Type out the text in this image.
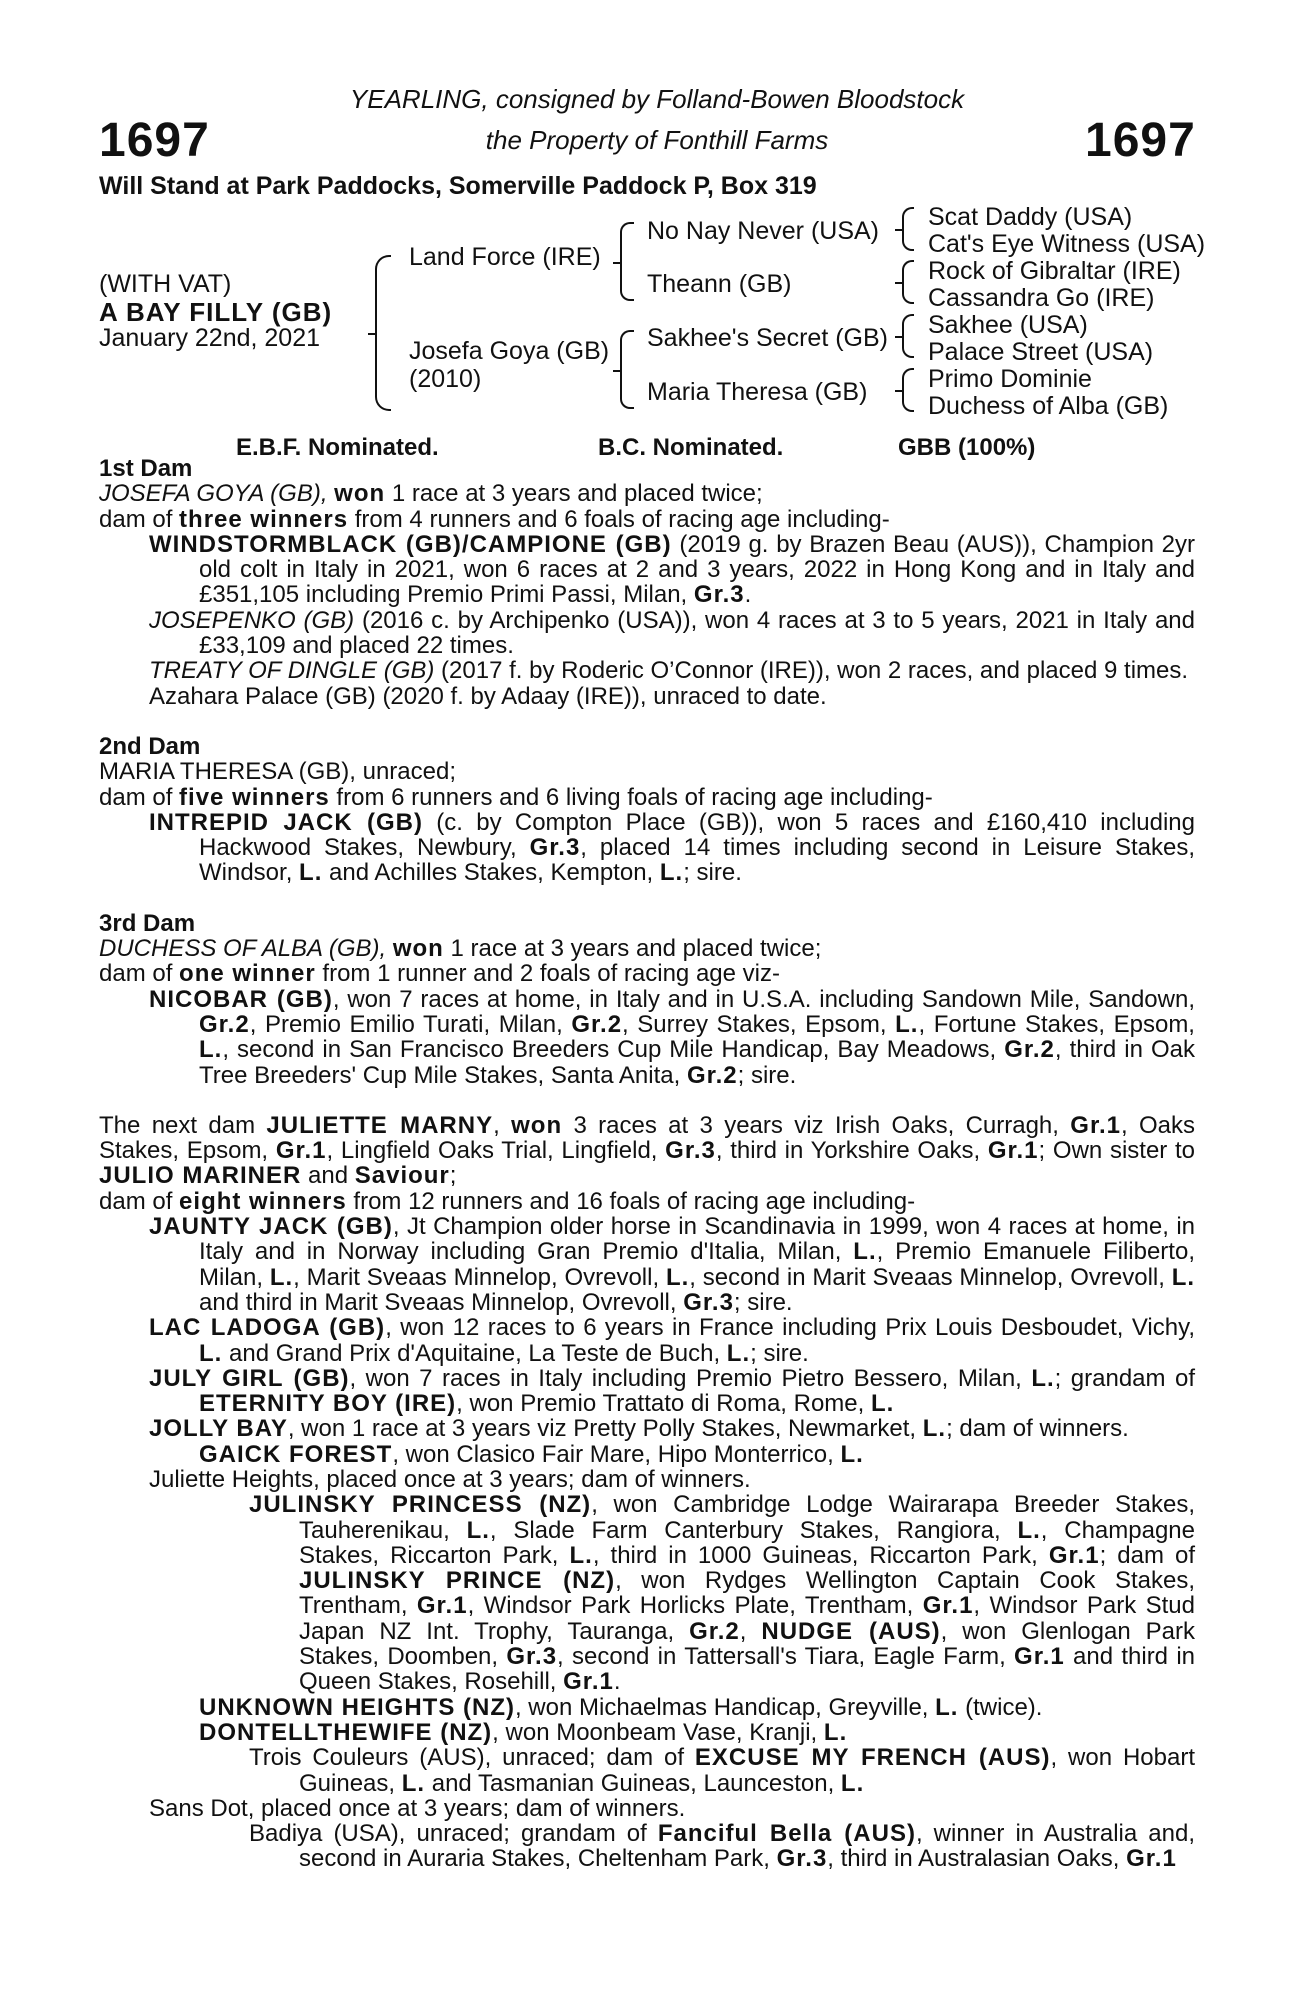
1697	1697
YEARLING, consigned by Folland-Bowen Bloodstock
the Property of Fonthill Farms
Will Stand at Park Paddocks, Somerville Paddock P, Box 319
(WITH VAT)
A BAY FILLY (GB)
January 22nd, 2021
Land Force (IRE)
Josefa Goya (GB)
(2010)
No Nay Never (USA)
Theann (GB)
Sakhee's Secret (GB)
Maria Theresa (GB)
Scat Daddy (USA)
Cat's Eye Witness (USA)
Rock of Gibraltar (IRE)
Cassandra Go (IRE)
Sakhee (USA)
Palace Street (USA)
Primo Dominie
Duchess of Alba (GB)
E.B.F. Nominated.	B.C. Nominated.	GBB (100%)

1st Dam

JOSEFA GOYA (GB), won 1 race at 3 years and placed twice;

dam of three winners from 4 runners and 6 foals of racing age including-

WINDSTORMBLACK (GB)/CAMPIONE (GB) (2019 g. by Brazen Beau (AUS)), Champion 2yr old colt in Italy in 2021, won 6 races at 2 and 3 years, 2022 in Hong Kong and in Italy and £351,105 including Premio Primi Passi, Milan, Gr.3.

JOSEPENKO (GB) (2016 c. by Archipenko (USA)), won 4 races at 3 to 5 years, 2021 in Italy and £33,109 and placed 22 times.

TREATY OF DINGLE (GB) (2017 f. by Roderic O’Connor (IRE)), won 2 races, and placed 9 times.

Azahara Palace (GB) (2020 f. by Adaay (IRE)), unraced to date.

2nd Dam

MARIA THERESA (GB), unraced;

dam of five winners from 6 runners and 6 living foals of racing age including-

INTREPID JACK (GB) (c. by Compton Place (GB)), won 5 races and £160,410 including Hackwood Stakes, Newbury, Gr.3, placed 14 times including second in Leisure Stakes, Windsor, L. and Achilles Stakes, Kempton, L.; sire.

3rd Dam

DUCHESS OF ALBA (GB), won 1 race at 3 years and placed twice;

dam of one winner from 1 runner and 2 foals of racing age viz-

NICOBAR (GB), won 7 races at home, in Italy and in U.S.A. including Sandown Mile, Sandown, Gr.2, Premio Emilio Turati, Milan, Gr.2, Surrey Stakes, Epsom, L., Fortune Stakes, Epsom, L., second in San Francisco Breeders Cup Mile Handicap, Bay Meadows, Gr.2, third in Oak Tree Breeders' Cup Mile Stakes, Santa Anita, Gr.2; sire.

The next dam JULIETTE MARNY, won 3 races at 3 years viz Irish Oaks, Curragh, Gr.1, Oaks Stakes, Epsom, Gr.1, Lingfield Oaks Trial, Lingfield, Gr.3, third in Yorkshire Oaks, Gr.1; Own sister to JULIO MARINER and Saviour;

dam of eight winners from 12 runners and 16 foals of racing age including-

JAUNTY JACK (GB), Jt Champion older horse in Scandinavia in 1999, won 4 races at home, in Italy and in Norway including Gran Premio d'Italia, Milan, L., Premio Emanuele Filiberto, Milan, L., Marit Sveaas Minnelop, Ovrevoll, L., second in Marit Sveaas Minnelop, Ovrevoll, L. and third in Marit Sveaas Minnelop, Ovrevoll, Gr.3; sire.

LAC LADOGA (GB), won 12 races to 6 years in France including Prix Louis Desboudet, Vichy, L. and Grand Prix d'Aquitaine, La Teste de Buch, L.; sire.

JULY GIRL (GB), won 7 races in Italy including Premio Pietro Bessero, Milan, L.; grandam of ETERNITY BOY (IRE), won Premio Trattato di Roma, Rome, L.

JOLLY BAY, won 1 race at 3 years viz Pretty Polly Stakes, Newmarket, L.; dam of winners.

GAICK FOREST, won Clasico Fair Mare, Hipo Monterrico, L.

Juliette Heights, placed once at 3 years; dam of winners.

JULINSKY PRINCESS (NZ), won Cambridge Lodge Wairarapa Breeder Stakes, Tauherenikau, L., Slade Farm Canterbury Stakes, Rangiora, L., Champagne Stakes, Riccarton Park, L., third in 1000 Guineas, Riccarton Park, Gr.1; dam of JULINSKY PRINCE (NZ), won Rydges Wellington Captain Cook Stakes, Trentham, Gr.1, Windsor Park Horlicks Plate, Trentham, Gr.1, Windsor Park Stud Japan NZ Int. Trophy, Tauranga, Gr.2, NUDGE (AUS), won Glenlogan Park Stakes, Doomben, Gr.3, second in Tattersall's Tiara, Eagle Farm, Gr.1 and third in Queen Stakes, Rosehill, Gr.1.

UNKNOWN HEIGHTS (NZ), won Michaelmas Handicap, Greyville, L. (twice).

DONTELLTHEWIFE (NZ), won Moonbeam Vase, Kranji, L.

Trois Couleurs (AUS), unraced; dam of EXCUSE MY FRENCH (AUS), won Hobart Guineas, L. and Tasmanian Guineas, Launceston, L.

Sans Dot, placed once at 3 years; dam of winners.

Badiya (USA), unraced; grandam of Fanciful Bella (AUS), winner in Australia and, second in Auraria Stakes, Cheltenham Park, Gr.3, third in Australasian Oaks, Gr.1
